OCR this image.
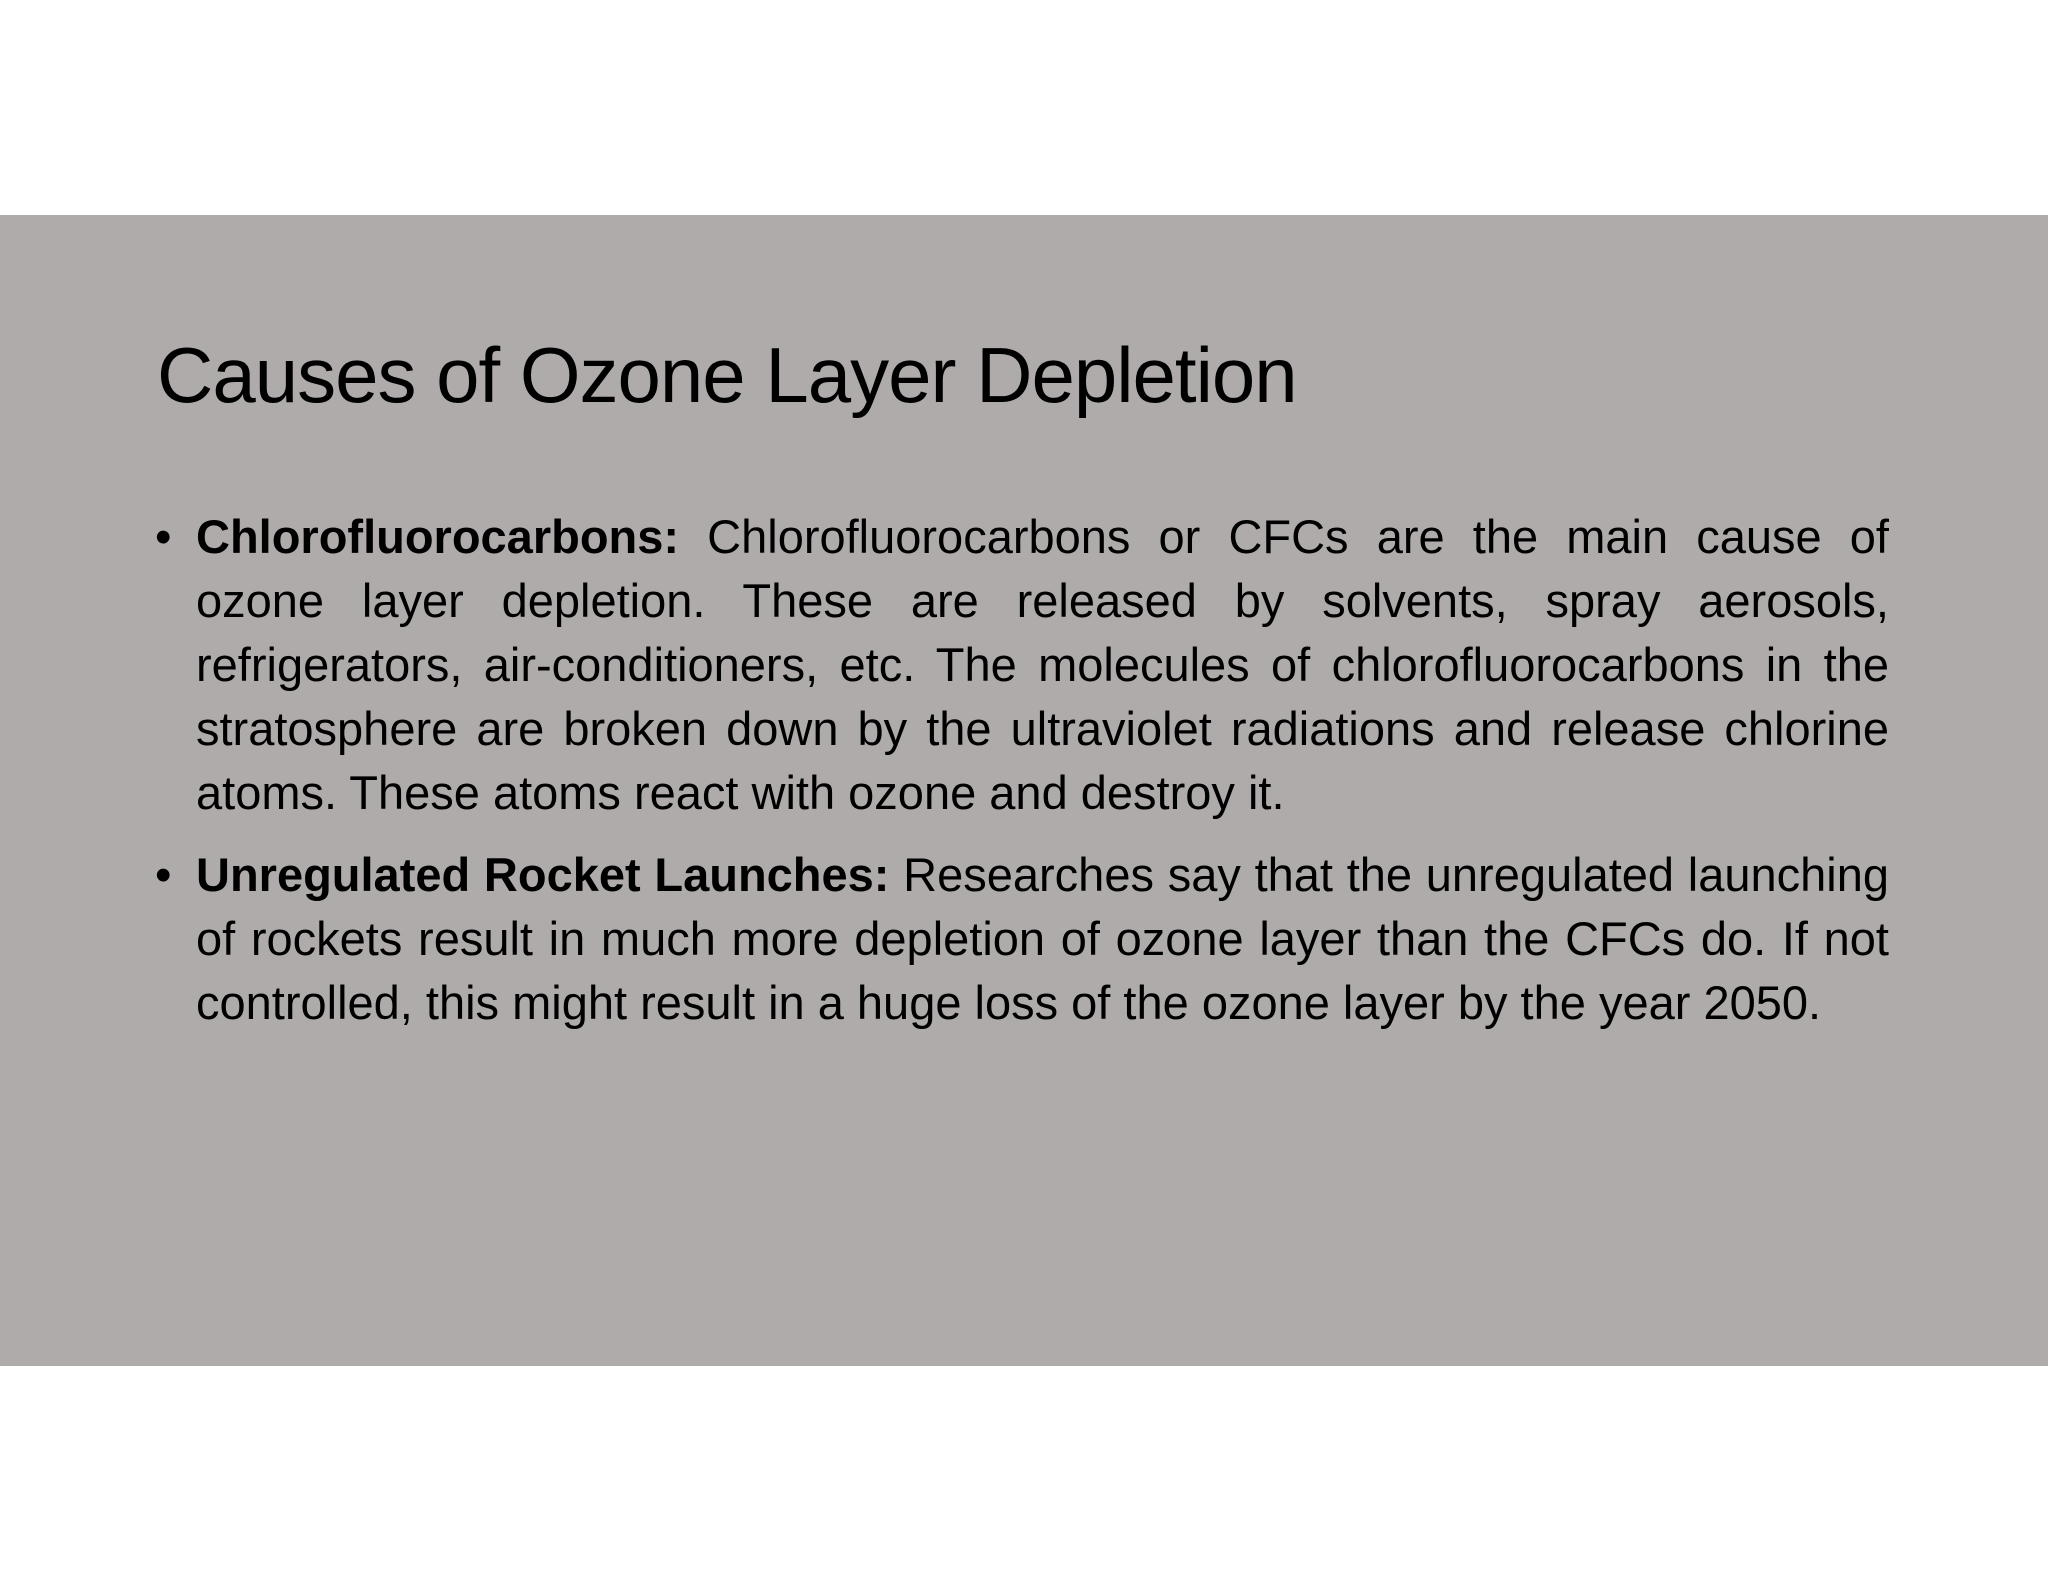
Causes of Ozone Layer Depletion
• Chlorofluorocarbons: Chlorofluorocarbons or CFCs are the main cause of ozone layer depletion. These are released by solvents, spray aerosols, refrigerators, air-conditioners, etc. The molecules of chlorofluorocarbons in the stratosphere are broken down by the ultraviolet radiations and release chlorine atoms. These atoms react with ozone and destroy it.
• Unregulated Rocket Launches: Researches say that the unregulated launching of rockets result in much more depletion of ozone layer than the CFCs do. If not controlled, this might result in a huge loss of the ozone layer by the year 2050.
